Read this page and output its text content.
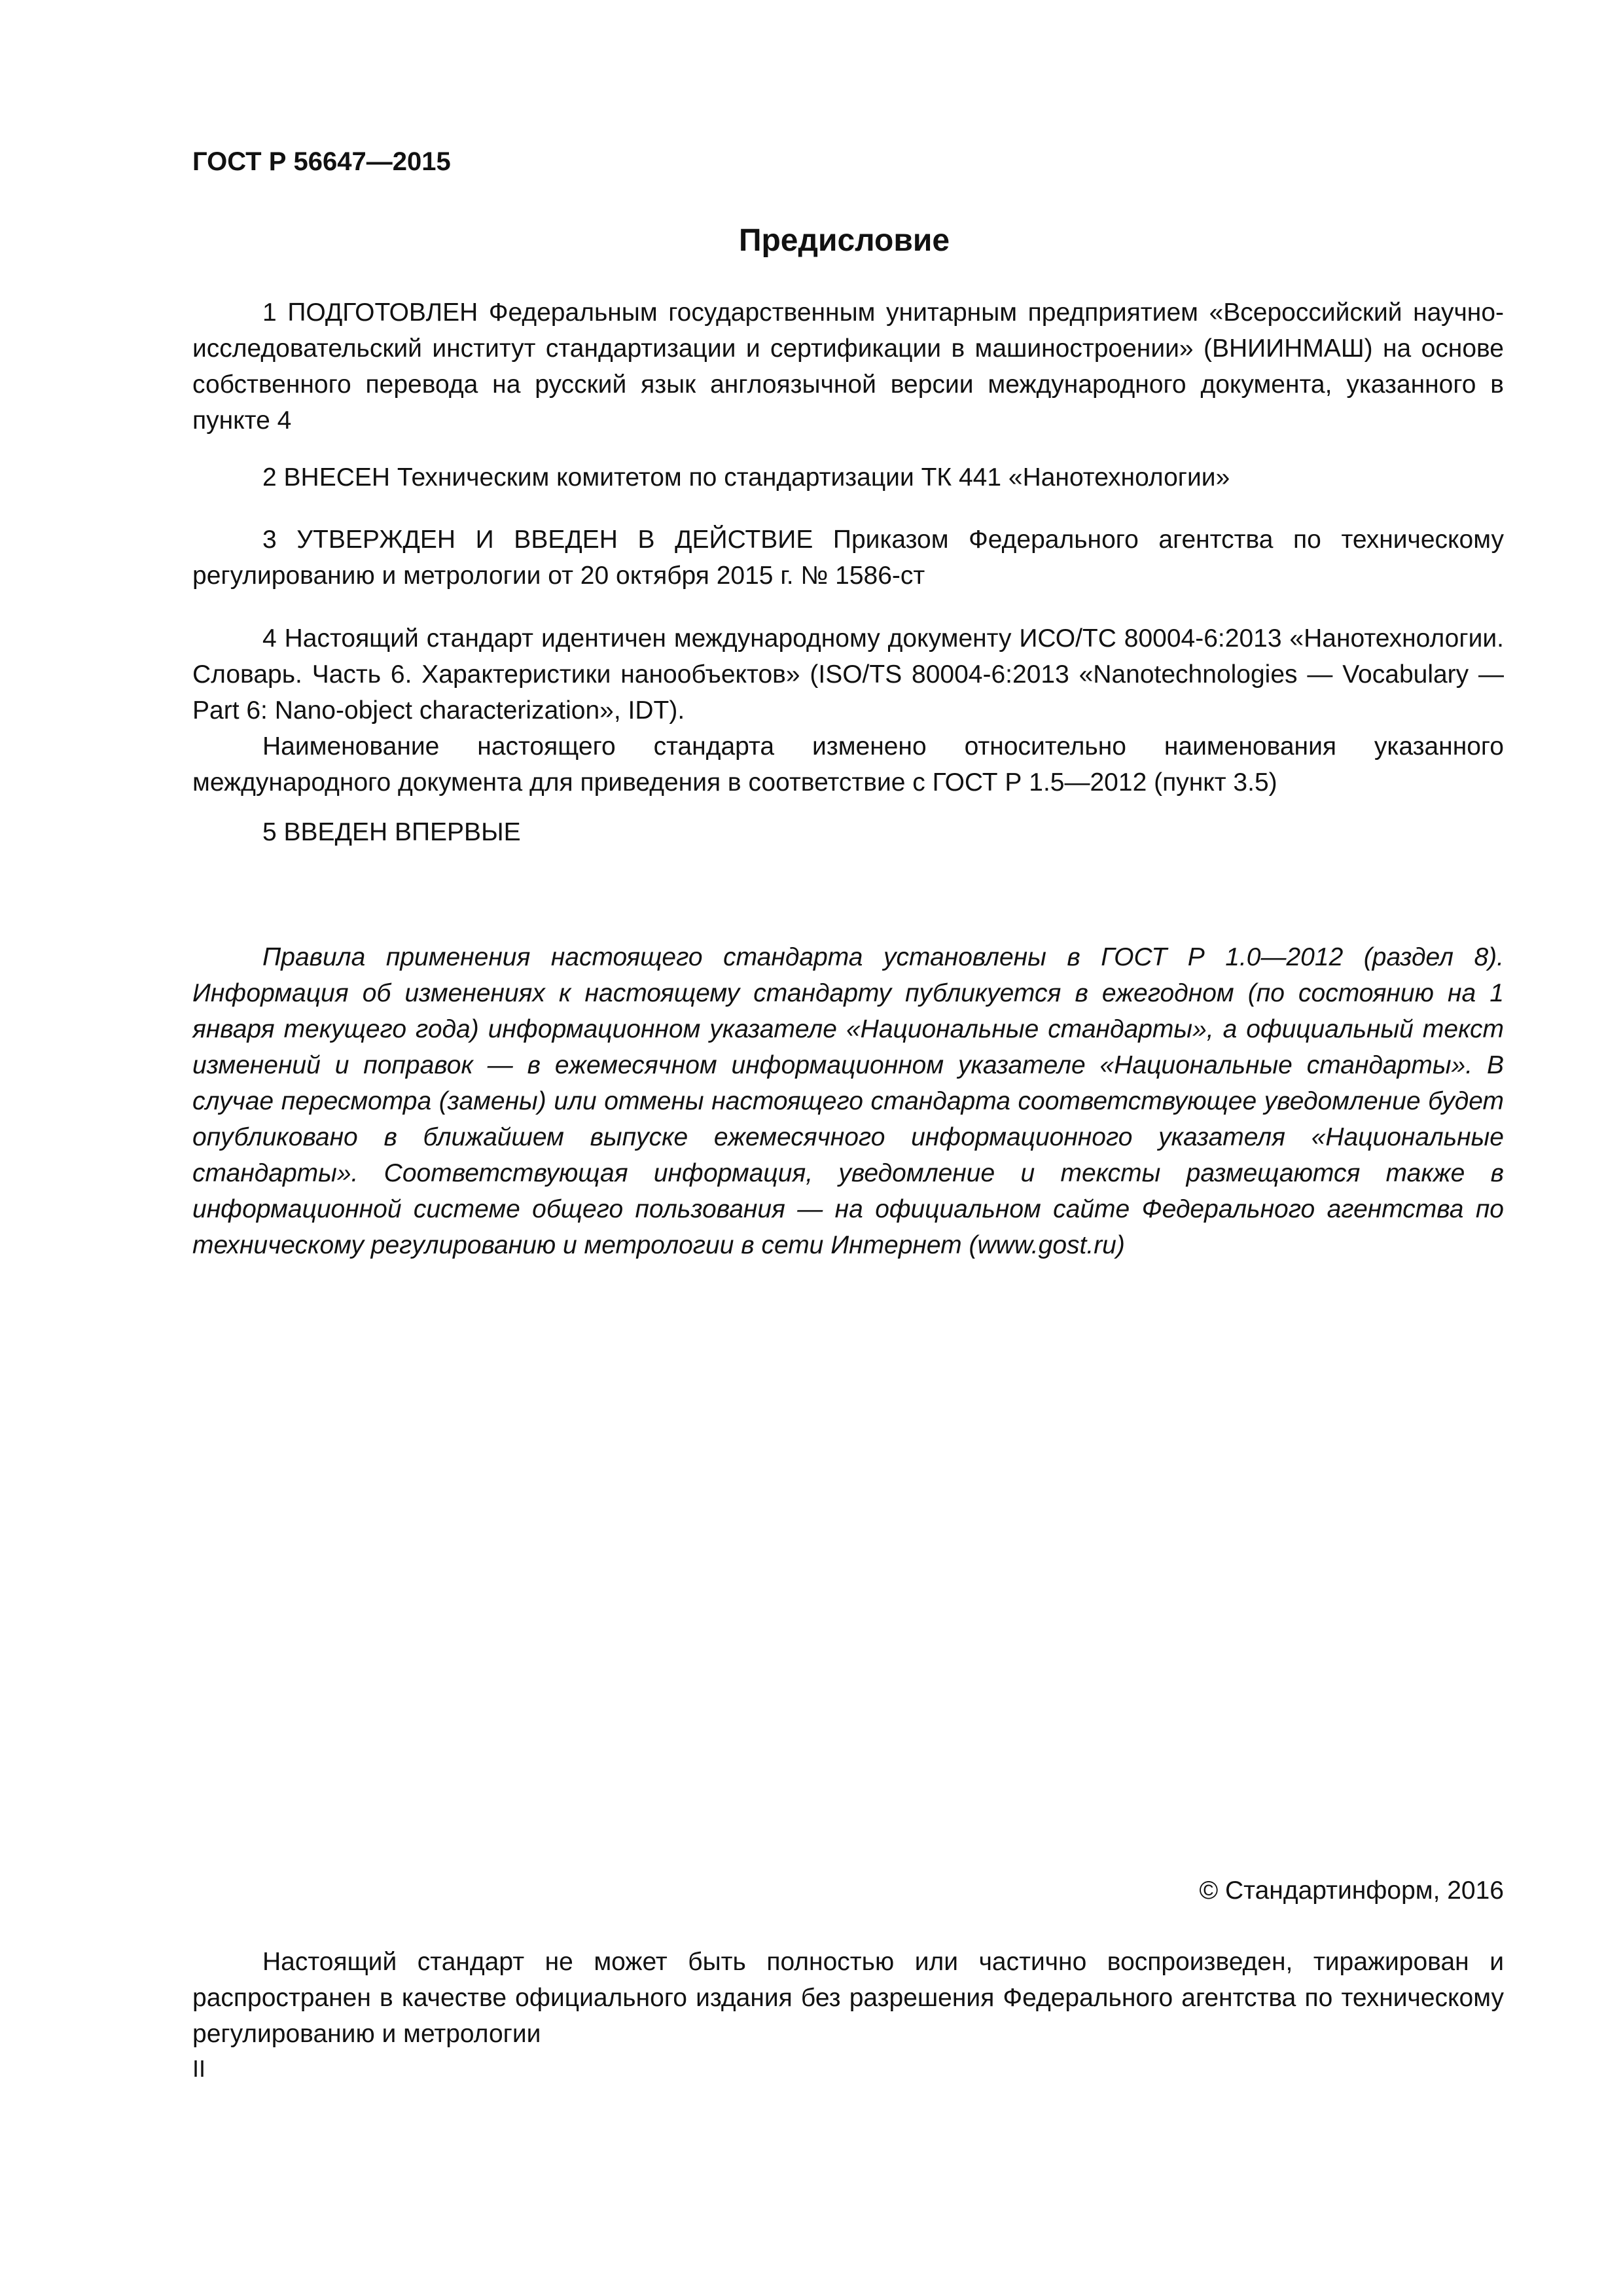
ГОСТ Р 56647—2015
Предисловие

1 ПОДГОТОВЛЕН Федеральным государственным унитарным предприятием «Всероссийский научно-исследовательский институт стандартизации и сертификации в машиностроении» (ВНИИНМАШ) на основе собственного перевода на русский язык англоязычной версии международного документа, указанного в пункте 4

2 ВНЕСЕН Техническим комитетом по стандартизации ТК 441 «Нанотехнологии»

3 УТВЕРЖДЕН И ВВЕДЕН В ДЕЙСТВИЕ Приказом Федерального агентства по техническому регулированию и метрологии от 20 октября 2015 г. № 1586-ст

4 Настоящий стандарт идентичен международному документу ИСО/ТС 80004-6:2013 «Нанотехнологии. Словарь. Часть 6. Характеристики нанообъектов» (ISO/TS 80004-6:2013 «Nanotechnologies — Vocabulary — Part 6: Nano-object characterization», IDT).

Наименование настоящего стандарта изменено относительно наименования указанного международного документа для приведения в соответствие с ГОСТ Р 1.5—2012 (пункт 3.5)

5 ВВЕДЕН ВПЕРВЫЕ

Правила применения настоящего стандарта установлены в ГОСТ Р 1.0—2012 (раздел 8). Информация об изменениях к настоящему стандарту публикуется в ежегодном (по состоянию на 1 января текущего года) информационном указателе «Национальные стандарты», а официальный текст изменений и поправок — в ежемесячном информационном указателе «Национальные стандарты». В случае пересмотра (замены) или отмены настоящего стандарта соответствующее уведомление будет опубликовано в ближайшем выпуске ежемесячного информационного указателя «Национальные стандарты». Соответствующая информация, уведомление и тексты размещаются также в информационной системе общего пользования — на официальном сайте Федерального агентства по техническому регулированию и метрологии в сети Интернет (www.gost.ru)

© Стандартинформ, 2016

Настоящий стандарт не может быть полностью или частично воспроизведен, тиражирован и распространен в качестве официального издания без разрешения Федерального агентства по техническому регулированию и метрологии

II
